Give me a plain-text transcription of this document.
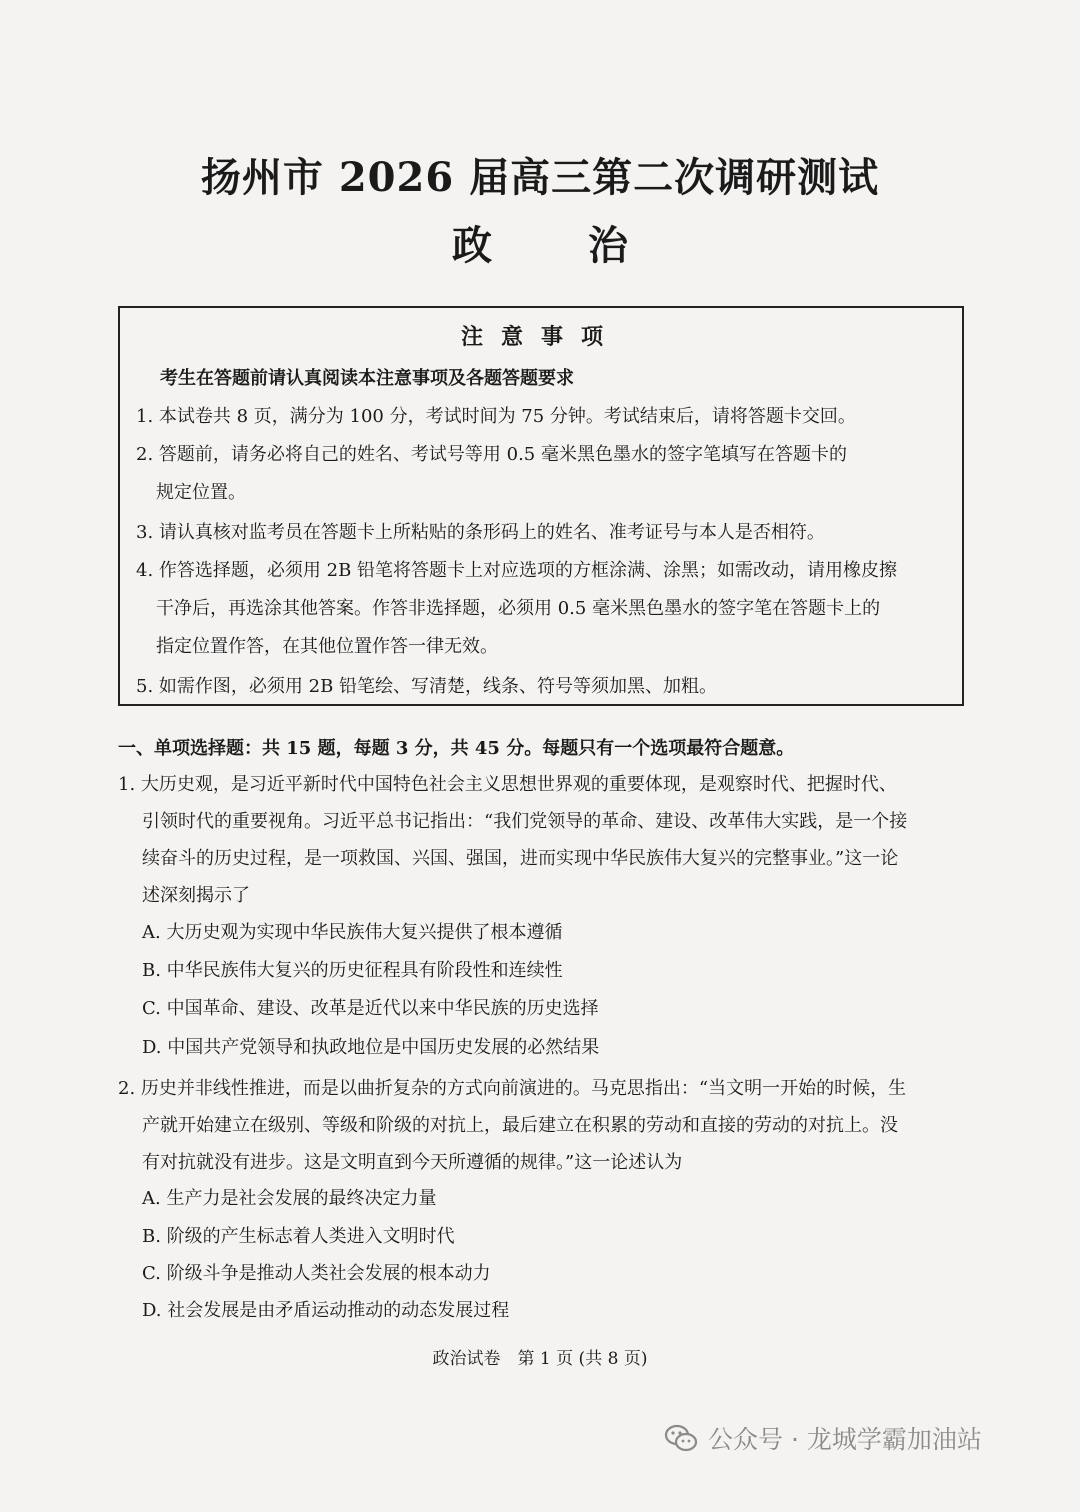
扬州市 2026 届高三第二次调研测试
政 治
注意事项
考生在答题前请认真阅读本注意事项及各题答题要求
1. 本试卷共 8 页，满分为 100 分，考试时间为 75 分钟。考试结束后，请将答题卡交回。
2. 答题前，请务必将自己的姓名、考试号等用 0.5 毫米黑色墨水的签字笔填写在答题卡的
规定位置。
3. 请认真核对监考员在答题卡上所粘贴的条形码上的姓名、准考证号与本人是否相符。
4. 作答选择题，必须用 2B 铅笔将答题卡上对应选项的方框涂满、涂黑；如需改动，请用橡皮擦
干净后，再选涂其他答案。作答非选择题，必须用 0.5 毫米黑色墨水的签字笔在答题卡上的
指定位置作答，在其他位置作答一律无效。
5. 如需作图，必须用 2B 铅笔绘、写清楚，线条、符号等须加黑、加粗。
一、单项选择题：共 15 题，每题 3 分，共 45 分。每题只有一个选项最符合题意。
1. 大历史观，是习近平新时代中国特色社会主义思想世界观的重要体现，是观察时代、把握时代、
引领时代的重要视角。习近平总书记指出：“我们党领导的革命、建设、改革伟大实践，是一个接
续奋斗的历史过程，是一项救国、兴国、强国，进而实现中华民族伟大复兴的完整事业。”这一论
述深刻揭示了
A. 大历史观为实现中华民族伟大复兴提供了根本遵循
B. 中华民族伟大复兴的历史征程具有阶段性和连续性
C. 中国革命、建设、改革是近代以来中华民族的历史选择
D. 中国共产党领导和执政地位是中国历史发展的必然结果
2. 历史并非线性推进，而是以曲折复杂的方式向前演进的。马克思指出：“当文明一开始的时候，生
产就开始建立在级别、等级和阶级的对抗上，最后建立在积累的劳动和直接的劳动的对抗上。没
有对抗就没有进步。这是文明直到今天所遵循的规律。”这一论述认为
A. 生产力是社会发展的最终决定力量
B. 阶级的产生标志着人类进入文明时代
C. 阶级斗争是推动人类社会发展的根本动力
D. 社会发展是由矛盾运动推动的动态发展过程
政治试卷　第 1 页 (共 8 页)
公众号 · 龙城学霸加油站
